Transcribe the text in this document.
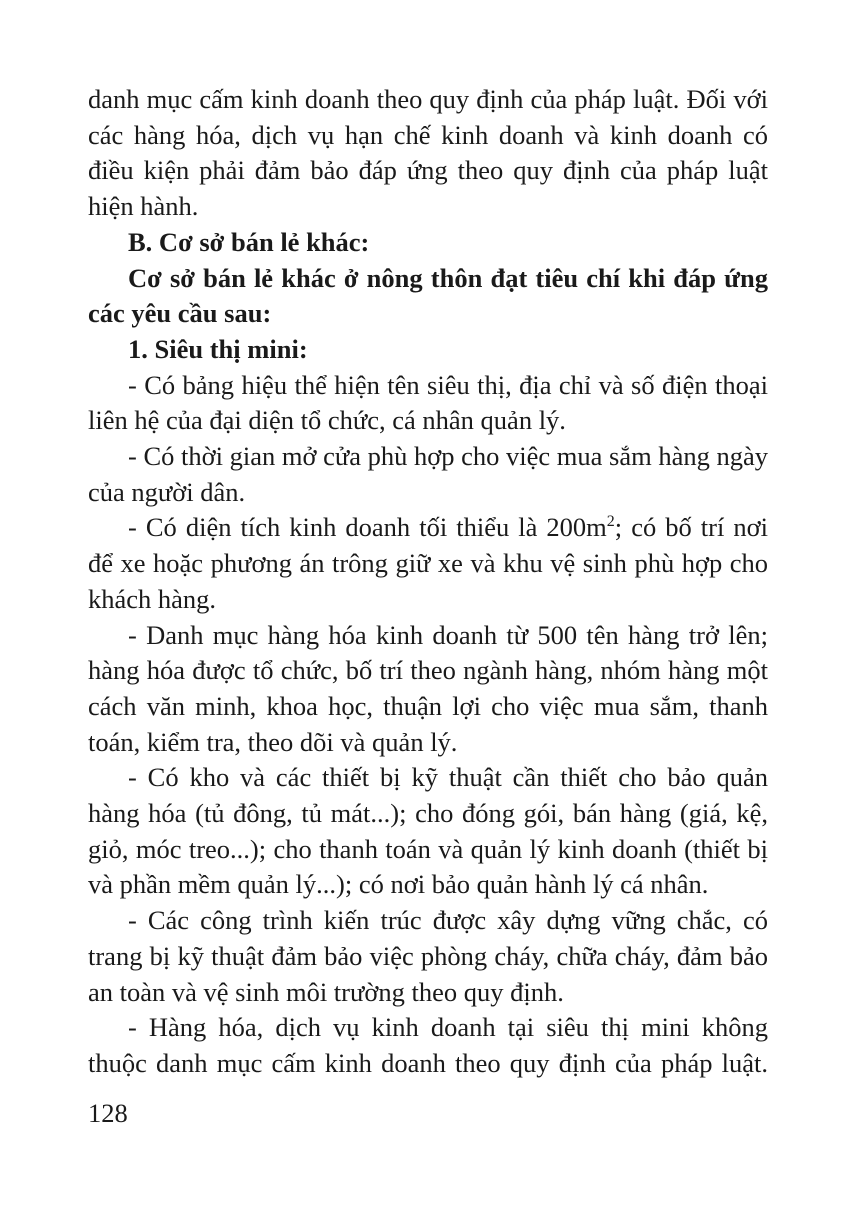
danh mục cấm kinh doanh theo quy định của pháp luật. Đối với các hàng hóa, dịch vụ hạn chế kinh doanh và kinh doanh có điều kiện phải đảm bảo đáp ứng theo quy định của pháp luật hiện hành.

B. Cơ sở bán lẻ khác:

Cơ sở bán lẻ khác ở nông thôn đạt tiêu chí khi đáp ứng các yêu cầu sau:

1. Siêu thị mini:

- Có bảng hiệu thể hiện tên siêu thị, địa chỉ và số điện thoại liên hệ của đại diện tổ chức, cá nhân quản lý.

- Có thời gian mở cửa phù hợp cho việc mua sắm hàng ngày của người dân.

- Có diện tích kinh doanh tối thiểu là $200m^2$; có bố trí nơi để xe hoặc phương án trông giữ xe và khu vệ sinh phù hợp cho khách hàng.

- Danh mục hàng hóa kinh doanh từ 500 tên hàng trở lên; hàng hóa được tổ chức, bố trí theo ngành hàng, nhóm hàng một cách văn minh, khoa học, thuận lợi cho việc mua sắm, thanh toán, kiểm tra, theo dõi và quản lý.

- Có kho và các thiết bị kỹ thuật cần thiết cho bảo quản hàng hóa (tủ đông, tủ mát...); cho đóng gói, bán hàng (giá, kệ, giỏ, móc treo...); cho thanh toán và quản lý kinh doanh (thiết bị và phần mềm quản lý...); có nơi bảo quản hành lý cá nhân.

- Các công trình kiến trúc được xây dựng vững chắc, có trang bị kỹ thuật đảm bảo việc phòng cháy, chữa cháy, đảm bảo an toàn và vệ sinh môi trường theo quy định.

- Hàng hóa, dịch vụ kinh doanh tại siêu thị mini không thuộc danh mục cấm kinh doanh theo quy định của pháp luật.

128
